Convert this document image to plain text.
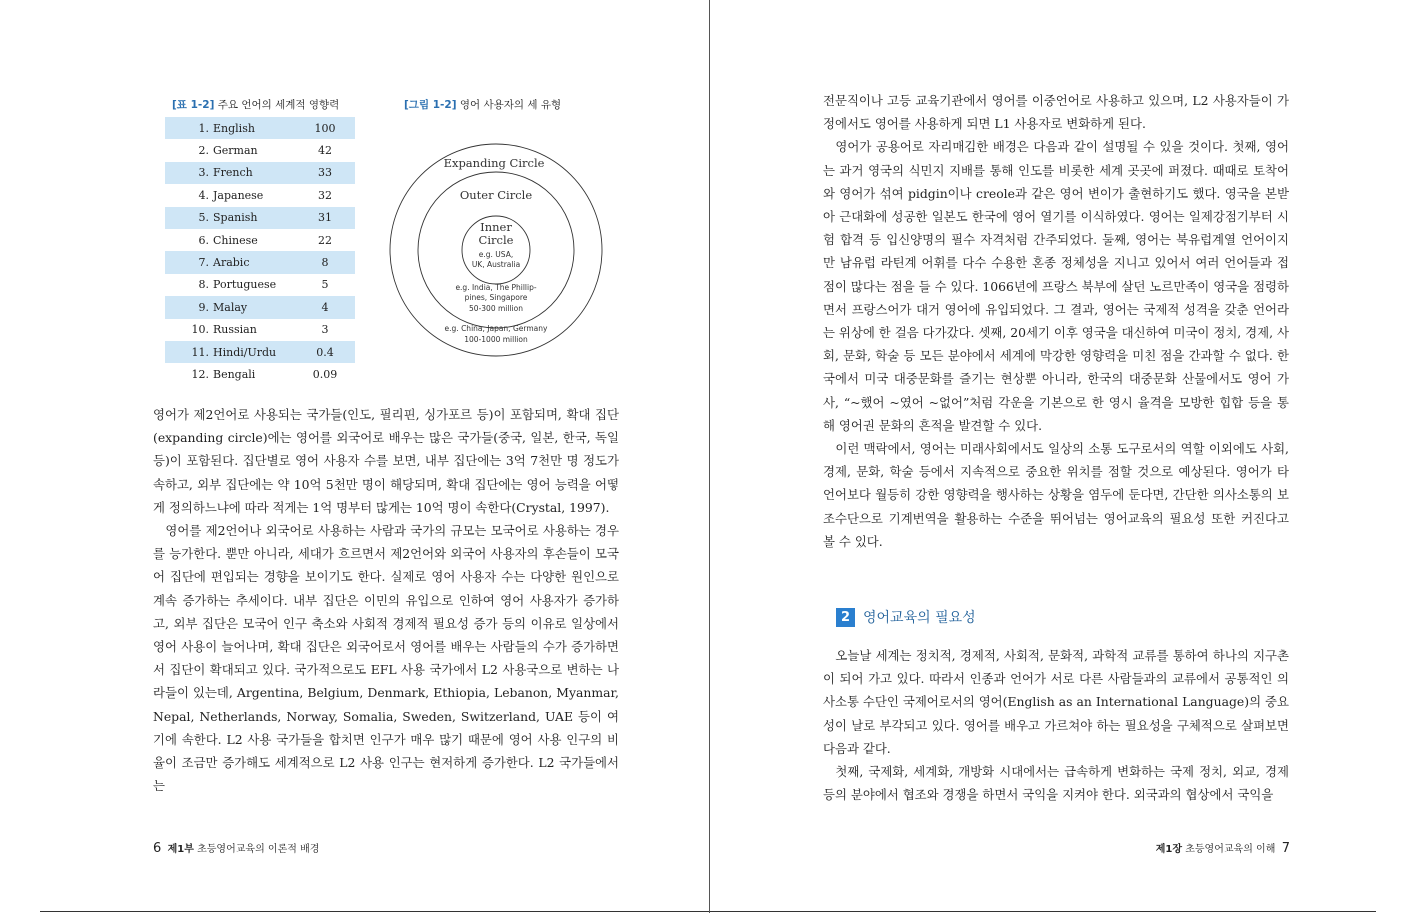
[표 1-2] 주요 언어의 세계적 영향력	[그림 1-2] 영어 사용자의 세 유형
1.	English	100
2.	German	42
3.	French	33
4.	Japanese	32
5.	Spanish	31
6.	Chinese	22
7.	Arabic	8
8.	Portuguese	5
9.	Malay	4
10.	Russian	3
11.	Hindi/Urdu	0.4
12.	Bengali	0.09
Expanding Circle
Outer Circle
Inner
Circle
e.g. USA,
UK, Australia
e.g. India, The Phillip-
pines, Singapore
50-300 million
e.g. China, Japan, Germany
100-1000 million

영어가 제2언어로 사용되는 국가들(인도, 필리핀, 싱가포르 등)이 포함되며, 확대 집단(expanding circle)에는 영어를 외국어로 배우는 많은 국가들(중국, 일본, 한국, 독일 등)이 포함된다. 집단별로 영어 사용자 수를 보면, 내부 집단에는 3억 7천만 명 정도가 속하고, 외부 집단에는 약 10억 5천만 명이 해당되며, 확대 집단에는 영어 능력을 어떻게 정의하느냐에 따라 적게는 1억 명부터 많게는 10억 명이 속한다(Crystal, 1997).

영어를 제2언어나 외국어로 사용하는 사람과 국가의 규모는 모국어로 사용하는 경우를 능가한다. 뿐만 아니라, 세대가 흐르면서 제2언어와 외국어 사용자의 후손들이 모국어 집단에 편입되는 경향을 보이기도 한다. 실제로 영어 사용자 수는 다양한 원인으로 계속 증가하는 추세이다. 내부 집단은 이민의 유입으로 인하여 영어 사용자가 증가하고, 외부 집단은 모국어 인구 축소와 사회적 경제적 필요성 증가 등의 이유로 일상에서 영어 사용이 늘어나며, 확대 집단은 외국어로서 영어를 배우는 사람들의 수가 증가하면서 집단이 확대되고 있다. 국가적으로도 EFL 사용 국가에서 L2 사용국으로 변하는 나라들이 있는데, Argentina, Belgium, Denmark, Ethiopia, Lebanon, Myanmar, Nepal, Netherlands, Norway, Somalia, Sweden, Switzerland, UAE 등이 여기에 속한다. L2 사용 국가들을 합치면 인구가 매우 많기 때문에 영어 사용 인구의 비율이 조금만 증가해도 세계적으로 L2 사용 인구는 현저하게 증가한다. L2 국가들에서는

6 제1부 초등영어교육의 이론적 배경

전문직이나 고등 교육기관에서 영어를 이중언어로 사용하고 있으며, L2 사용자들이 가정에서도 영어를 사용하게 되면 L1 사용자로 변화하게 된다.

영어가 공용어로 자리매김한 배경은 다음과 같이 설명될 수 있을 것이다. 첫째, 영어는 과거 영국의 식민지 지배를 통해 인도를 비롯한 세계 곳곳에 퍼졌다. 때때로 토착어와 영어가 섞여 pidgin이나 creole과 같은 영어 변이가 출현하기도 했다. 영국을 본받아 근대화에 성공한 일본도 한국에 영어 열기를 이식하였다. 영어는 일제강점기부터 시험 합격 등 입신양명의 필수 자격처럼 간주되었다. 둘째, 영어는 북유럽계열 언어이지만 남유럽 라틴계 어휘를 다수 수용한 혼종 정체성을 지니고 있어서 여러 언어들과 접점이 많다는 점을 들 수 있다. 1066년에 프랑스 북부에 살던 노르만족이 영국을 점령하면서 프랑스어가 대거 영어에 유입되었다. 그 결과, 영어는 국제적 성격을 갖춘 언어라는 위상에 한 걸음 다가갔다. 셋째, 20세기 이후 영국을 대신하여 미국이 정치, 경제, 사회, 문화, 학술 등 모든 분야에서 세계에 막강한 영향력을 미친 점을 간과할 수 없다. 한국에서 미국 대중문화를 즐기는 현상뿐 아니라, 한국의 대중문화 산물에서도 영어 가사, “~했어 ~였어 ~없어”처럼 각운을 기본으로 한 영시 율격을 모방한 힙합 등을 통해 영어권 문화의 흔적을 발견할 수 있다.

이런 맥락에서, 영어는 미래사회에서도 일상의 소통 도구로서의 역할 이외에도 사회, 경제, 문화, 학술 등에서 지속적으로 중요한 위치를 점할 것으로 예상된다. 영어가 타 언어보다 월등히 강한 영향력을 행사하는 상황을 염두에 둔다면, 간단한 의사소통의 보조수단으로 기계번역을 활용하는 수준을 뛰어넘는 영어교육의 필요성 또한 커진다고 볼 수 있다.

2 영어교육의 필요성

오늘날 세계는 정치적, 경제적, 사회적, 문화적, 과학적 교류를 통하여 하나의 지구촌이 되어 가고 있다. 따라서 인종과 언어가 서로 다른 사람들과의 교류에서 공통적인 의사소통 수단인 국제어로서의 영어(English as an International Language)의 중요성이 날로 부각되고 있다. 영어를 배우고 가르쳐야 하는 필요성을 구체적으로 살펴보면 다음과 같다.

첫째, 국제화, 세계화, 개방화 시대에서는 급속하게 변화하는 국제 정치, 외교, 경제 등의 분야에서 협조와 경쟁을 하면서 국익을 지켜야 한다. 외국과의 협상에서 국익을

제1장 초등영어교육의 이해 7
